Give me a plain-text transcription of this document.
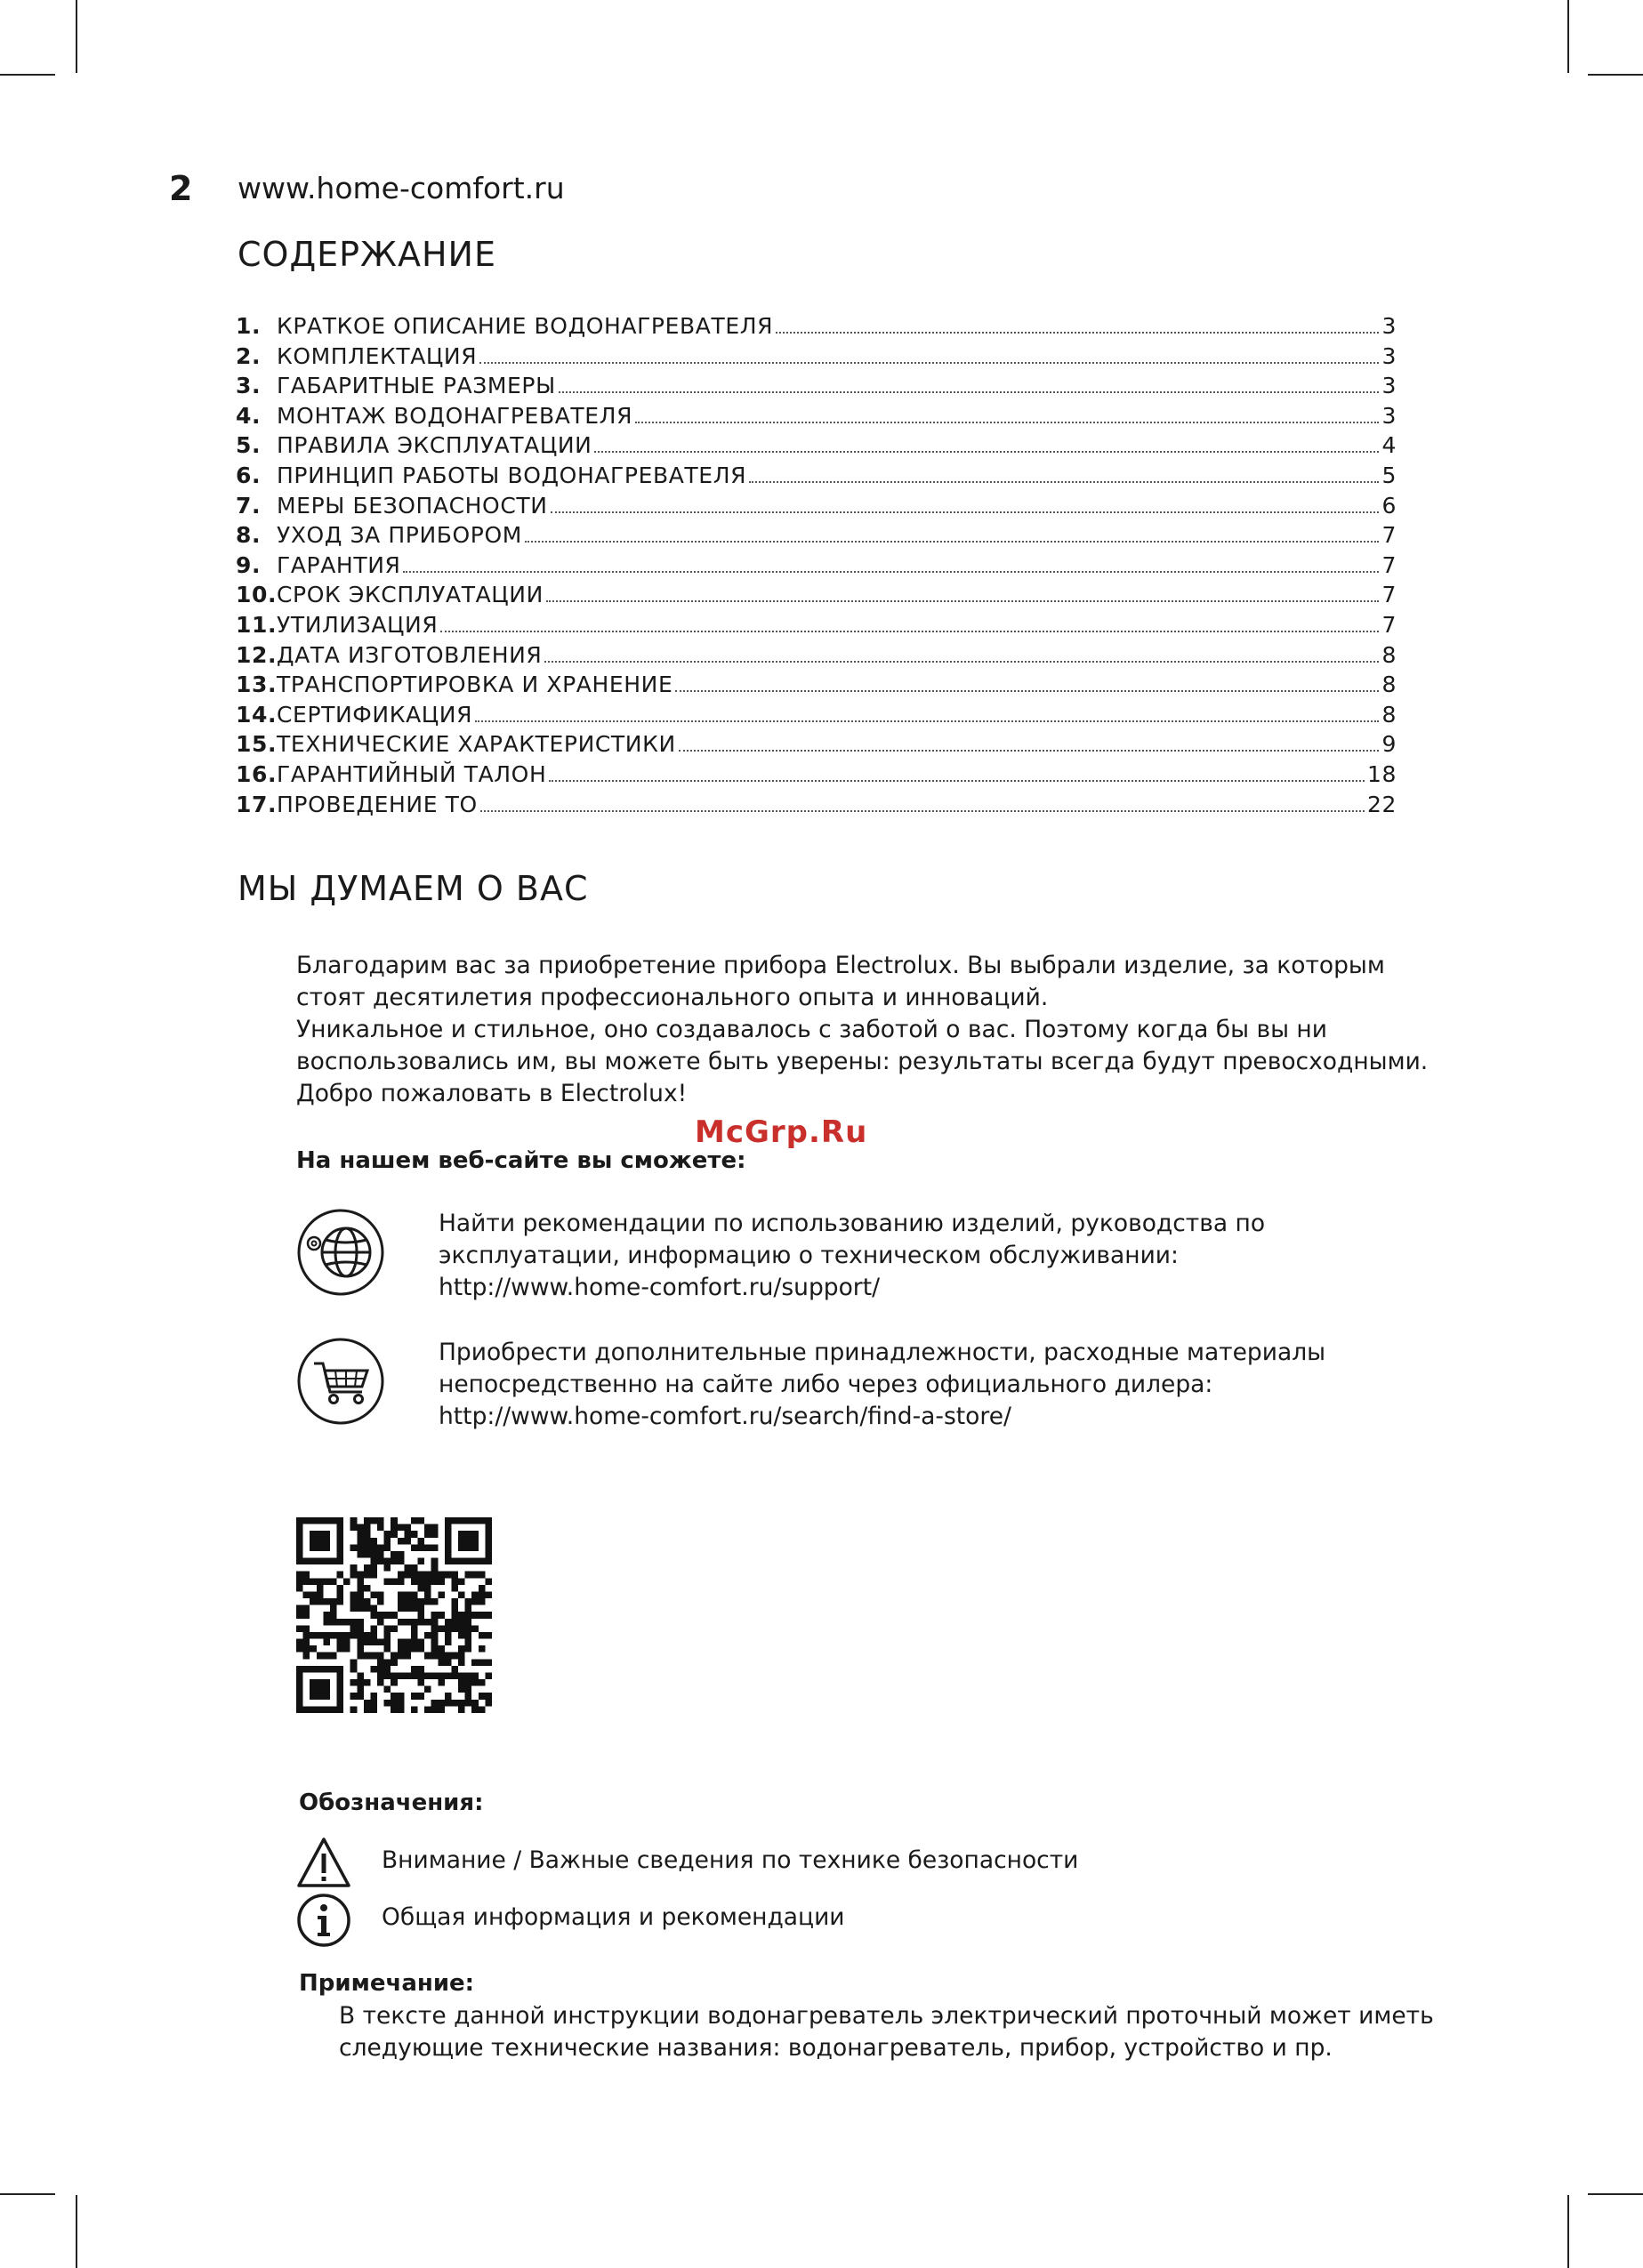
2 www.home-comfort.ru
СОДЕРЖАНИЕ
1. КРАТКОЕ ОПИСАНИЕ ВОДОНАГРЕВАТЕЛЯ	3
2. КОМПЛЕКТАЦИЯ	3
3. ГАБАРИТНЫЕ РАЗМЕРЫ	3
4. МОНТАЖ ВОДОНАГРЕВАТЕЛЯ	3
5. ПРАВИЛА ЭКСПЛУАТАЦИИ	4
6. ПРИНЦИП РАБОТЫ ВОДОНАГРЕВАТЕЛЯ	5
7. МЕРЫ БЕЗОПАСНОСТИ	6
8. УХОД ЗА ПРИБОРОМ	7
9. ГАРАНТИЯ	7
10. СРОК ЭКСПЛУАТАЦИИ	7
11. УТИЛИЗАЦИЯ	7
12. ДАТА ИЗГОТОВЛЕНИЯ	8
13. ТРАНСПОРТИРОВКА И ХРАНЕНИЕ	8
14. СЕРТИФИКАЦИЯ	8
15. ТЕХНИЧЕСКИЕ ХАРАКТЕРИСТИКИ	9
16. ГАРАНТИЙНЫЙ ТАЛОН	18
17. ПРОВЕДЕНИЕ ТО	22
МЫ ДУМАЕМ О ВАС

Благодарим вас за приобретение прибора Electrolux. Вы выбрали изделие, за которым
стоят десятилетия профессионального опыта и инноваций.
Уникальное и стильное, оно создавалось с заботой о вас. Поэтому когда бы вы ни
воспользовались им, вы можете быть уверены: результаты всегда будут превосходными.
Добро пожаловать в Electrolux!

McGrp.Ru
На нашем веб-сайте вы сможете:

Найти рекомендации по использованию изделий, руководства по
эксплуатации, информацию о техническом обслуживании:
http://www.home-comfort.ru/support/

Приобрести дополнительные принадлежности, расходные материалы
непосредственно на сайте либо через официального дилера:
http://www.home-comfort.ru/search/find-a-store/

Обозначения:
Внимание / Важные сведения по технике безопасности
Общая информация и рекомендации
Примечание:

В тексте данной инструкции водонагреватель электрический проточный может иметь
следующие технические названия: водонагреватель, прибор, устройство и пр.
